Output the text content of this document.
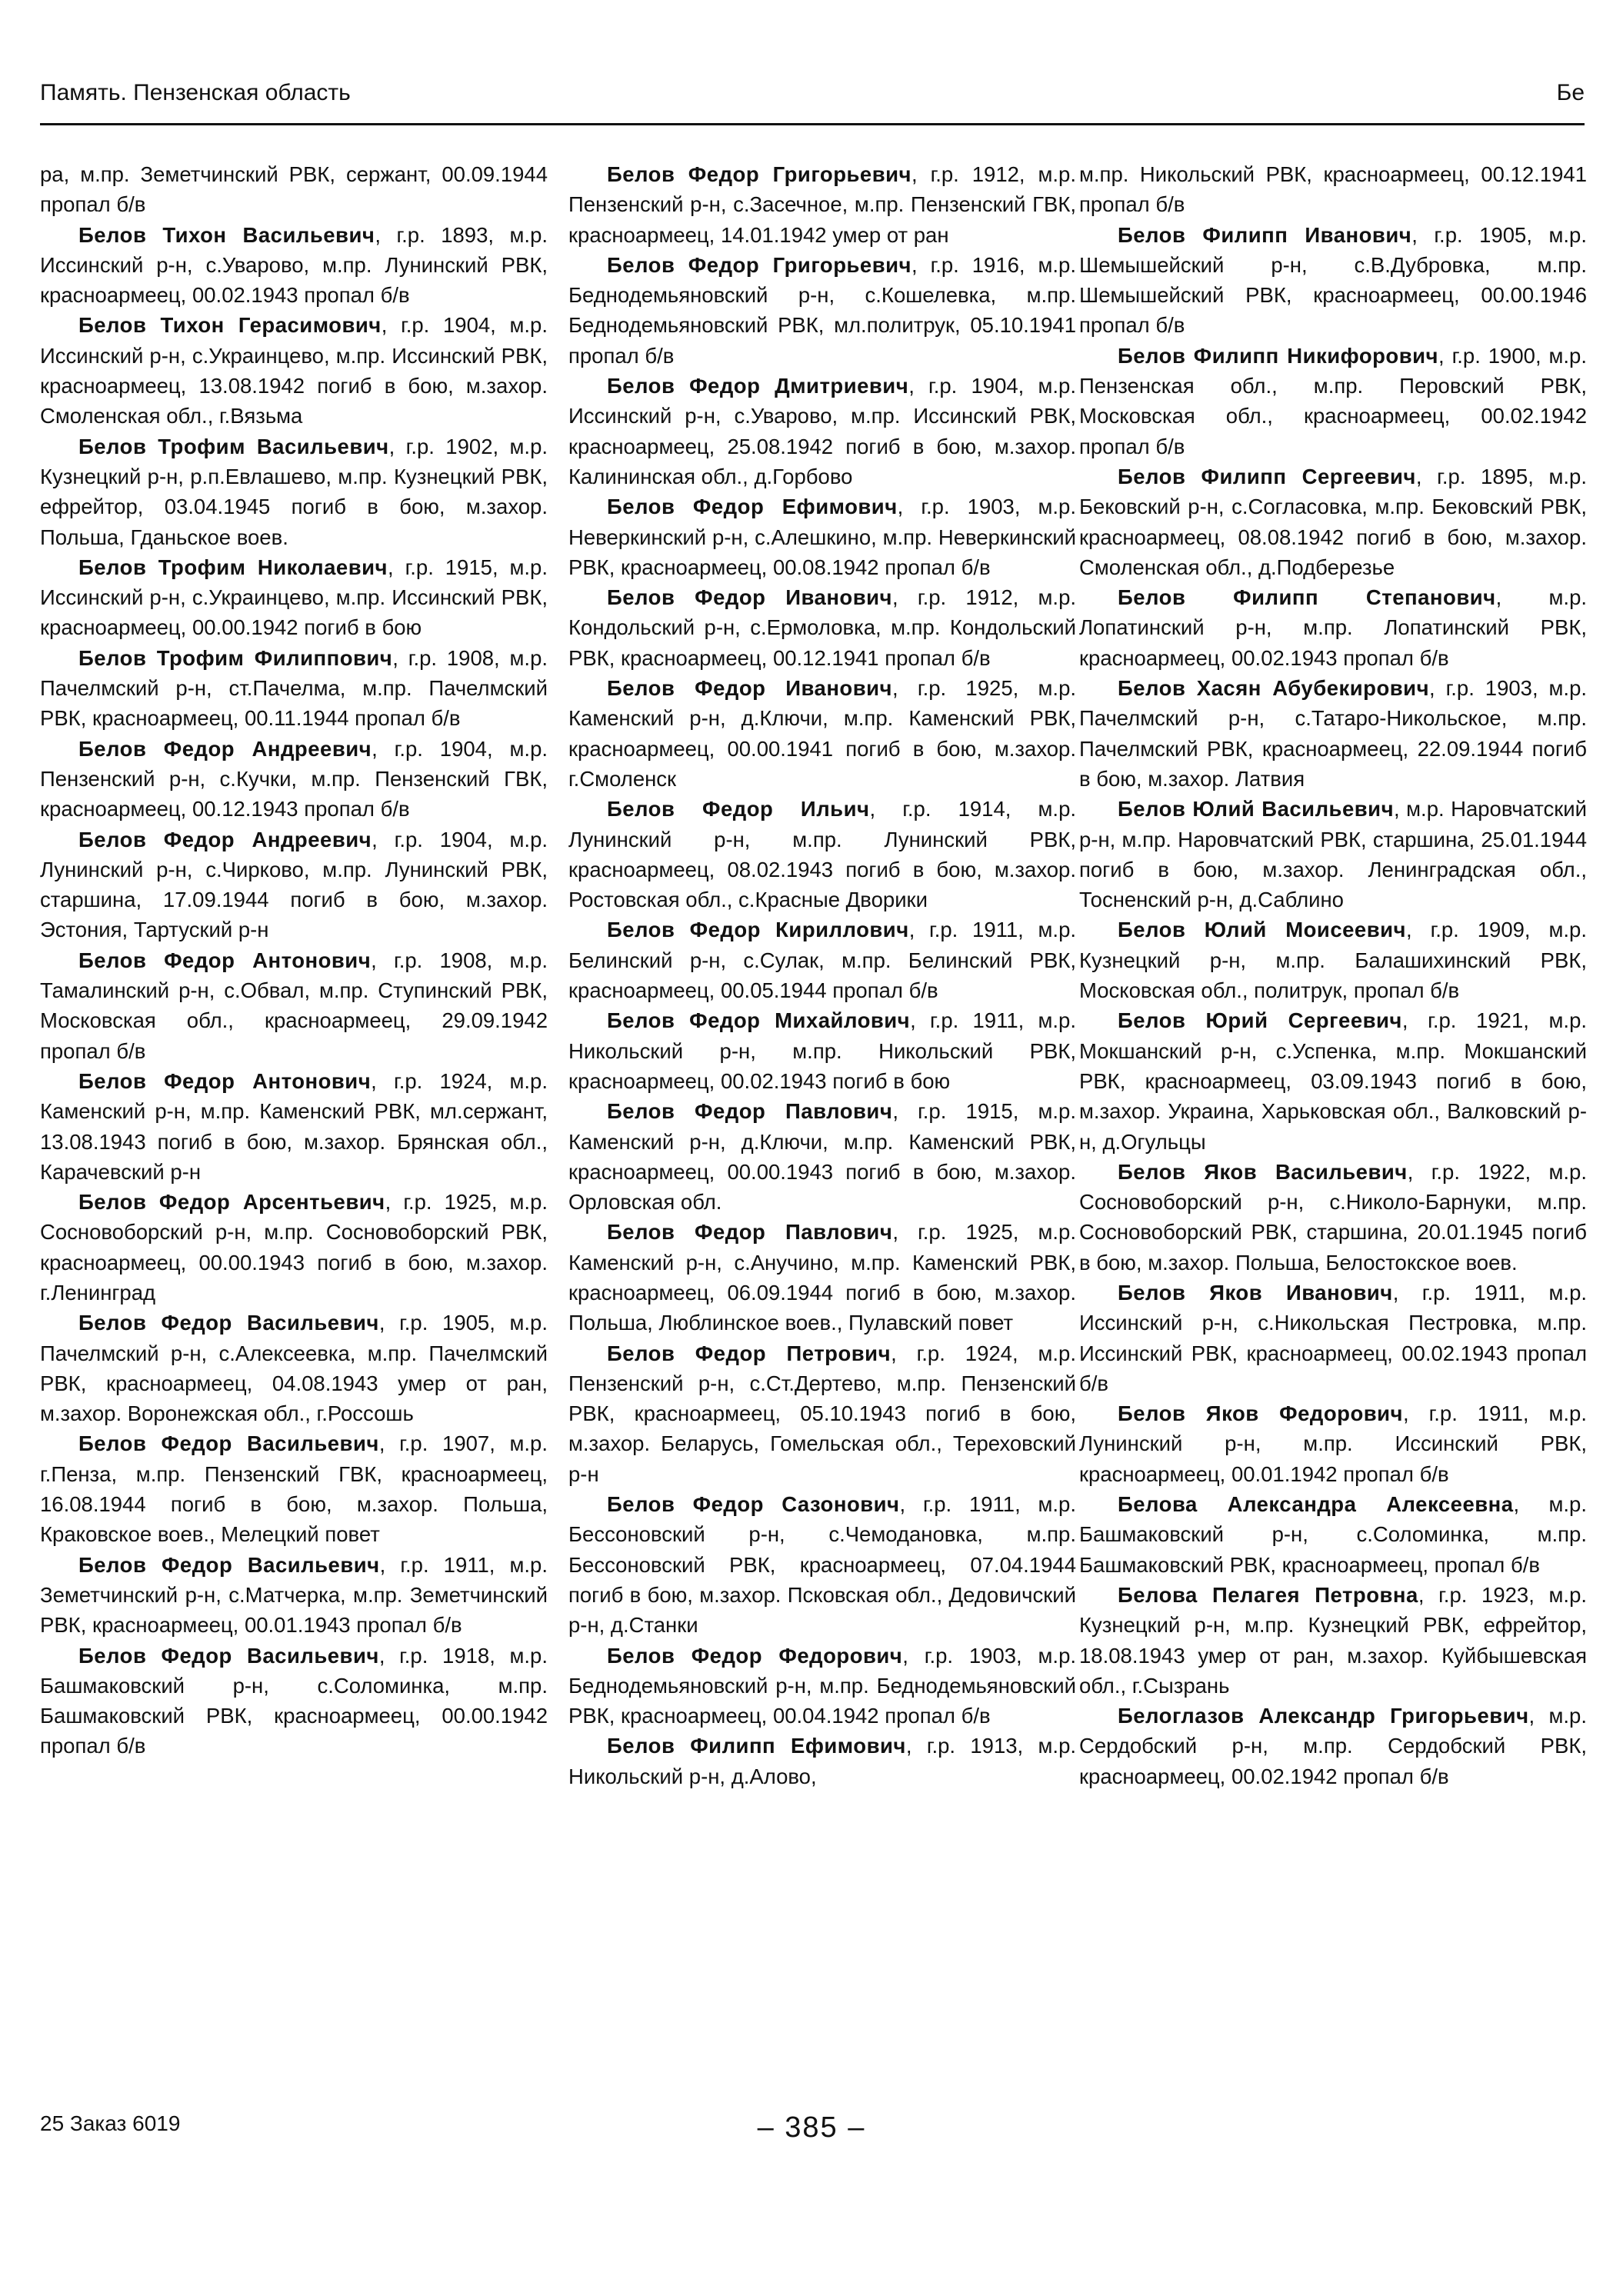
Память. Пензенская область	Бе

ра, м.пр. Земетчинский РВК, сержант, 00.09.1944 пропал б/в

Белов Тихон Васильевич, г.р. 1893, м.р. Иссинский р-н, с.Уварово, м.пр. Лунинский РВК, красноармеец, 00.02.1943 пропал б/в

Белов Тихон Герасимович, г.р. 1904, м.р. Иссинский р-н, с.Украинцево, м.пр. Иссинский РВК, красноармеец, 13.08.1942 погиб в бою, м.захор. Смоленская обл., г.Вязьма

Белов Трофим Васильевич, г.р. 1902, м.р. Кузнецкий р-н, р.п.Евлашево, м.пр. Кузнецкий РВК, ефрейтор, 03.04.1945 погиб в бою, м.захор. Польша, Гданьское воев.

Белов Трофим Николаевич, г.р. 1915, м.р. Иссинский р-н, с.Украинцево, м.пр. Иссинский РВК, красноармеец, 00.00.1942 погиб в бою

Белов Трофим Филиппович, г.р. 1908, м.р. Пачелмский р-н, ст.Пачелма, м.пр. Пачелмский РВК, красноармеец, 00.11.1944 пропал б/в

Белов Федор Андреевич, г.р. 1904, м.р. Пензенский р-н, с.Кучки, м.пр. Пензенский ГВК, красноармеец, 00.12.1943 пропал б/в

Белов Федор Андреевич, г.р. 1904, м.р. Лунинский р-н, с.Чирково, м.пр. Лунинский РВК, старшина, 17.09.1944 погиб в бою, м.захор. Эстония, Тартуский р-н

Белов Федор Антонович, г.р. 1908, м.р. Тамалинский р-н, с.Обвал, м.пр. Ступинский РВК, Московская обл., красноармеец, 29.09.1942 пропал б/в

Белов Федор Антонович, г.р. 1924, м.р. Каменский р-н, м.пр. Каменский РВК, мл.сержант, 13.08.1943 погиб в бою, м.захор. Брянская обл., Карачевский р-н

Белов Федор Арсентьевич, г.р. 1925, м.р. Сосновоборский р-н, м.пр. Сосновоборский РВК, красноармеец, 00.00.1943 погиб в бою, м.захор. г.Ленинград

Белов Федор Васильевич, г.р. 1905, м.р. Пачелмский р-н, с.Алексеевка, м.пр. Пачелмский РВК, красноармеец, 04.08.1943 умер от ран, м.захор. Воронежская обл., г.Россошь

Белов Федор Васильевич, г.р. 1907, м.р. г.Пенза, м.пр. Пензенский ГВК, красноармеец, 16.08.1944 погиб в бою, м.захор. Польша, Краковское воев., Мелецкий повет

Белов Федор Васильевич, г.р. 1911, м.р. Земетчинский р-н, с.Матчерка, м.пр. Земетчинский РВК, красноармеец, 00.01.1943 пропал б/в

Белов Федор Васильевич, г.р. 1918, м.р. Башмаковский р-н, с.Соломинка, м.пр. Башмаковский РВК, красноармеец, 00.00.1942 пропал б/в

Белов Федор Григорьевич, г.р. 1912, м.р. Пензенский р-н, с.Засечное, м.пр. Пензенский ГВК, красноармеец, 14.01.1942 умер от ран

Белов Федор Григорьевич, г.р. 1916, м.р. Беднодемьяновский р-н, с.Кошелевка, м.пр. Беднодемьяновский РВК, мл.политрук, 05.10.1941 пропал б/в

Белов Федор Дмитриевич, г.р. 1904, м.р. Иссинский р-н, с.Уварово, м.пр. Иссинский РВК, красноармеец, 25.08.1942 погиб в бою, м.захор. Калининская обл., д.Горбово

Белов Федор Ефимович, г.р. 1903, м.р. Неверкинский р-н, с.Алешкино, м.пр. Неверкинский РВК, красноармеец, 00.08.1942 пропал б/в

Белов Федор Иванович, г.р. 1912, м.р. Кондольский р-н, с.Ермоловка, м.пр. Кондольский РВК, красноармеец, 00.12.1941 пропал б/в

Белов Федор Иванович, г.р. 1925, м.р. Каменский р-н, д.Ключи, м.пр. Каменский РВК, красноармеец, 00.00.1941 погиб в бою, м.захор. г.Смоленск

Белов Федор Ильич, г.р. 1914, м.р. Лунинский р-н, м.пр. Лунинский РВК, красноармеец, 08.02.1943 погиб в бою, м.захор. Ростовская обл., с.Красные Дворики

Белов Федор Кириллович, г.р. 1911, м.р. Белинский р-н, с.Сулак, м.пр. Белинский РВК, красноармеец, 00.05.1944 пропал б/в

Белов Федор Михайлович, г.р. 1911, м.р. Никольский р-н, м.пр. Никольский РВК, красноармеец, 00.02.1943 погиб в бою

Белов Федор Павлович, г.р. 1915, м.р. Каменский р-н, д.Ключи, м.пр. Каменский РВК, красноармеец, 00.00.1943 погиб в бою, м.захор. Орловская обл.

Белов Федор Павлович, г.р. 1925, м.р. Каменский р-н, с.Анучино, м.пр. Каменский РВК, красноармеец, 06.09.1944 погиб в бою, м.захор. Польша, Люблинское воев., Пулавский повет

Белов Федор Петрович, г.р. 1924, м.р. Пензенский р-н, с.Ст.Дертево, м.пр. Пензенский РВК, красноармеец, 05.10.1943 погиб в бою, м.захор. Беларусь, Гомельская обл., Тереховский р-н

Белов Федор Сазонович, г.р. 1911, м.р. Бессоновский р-н, с.Чемодановка, м.пр. Бессоновский РВК, красноармеец, 07.04.1944 погиб в бою, м.захор. Псковская обл., Дедовичский р-н, д.Станки

Белов Федор Федорович, г.р. 1903, м.р. Беднодемьяновский р-н, м.пр. Беднодемьяновский РВК, красноармеец, 00.04.1942 пропал б/в

Белов Филипп Ефимович, г.р. 1913, м.р. Никольский р-н, д.Алово,

м.пр. Никольский РВК, красноармеец, 00.12.1941 пропал б/в

Белов Филипп Иванович, г.р. 1905, м.р. Шемышейский р-н, с.В.Дубровка, м.пр. Шемышейский РВК, красноармеец, 00.00.1946 пропал б/в

Белов Филипп Никифорович, г.р. 1900, м.р. Пензенская обл., м.пр. Перовский РВК, Московская обл., красноармеец, 00.02.1942 пропал б/в

Белов Филипп Сергеевич, г.р. 1895, м.р. Бековский р-н, с.Согласовка, м.пр. Бековский РВК, красноармеец, 08.08.1942 погиб в бою, м.захор. Смоленская обл., д.Подберезье

Белов Филипп Степанович, м.р. Лопатинский р-н, м.пр. Лопатинский РВК, красноармеец, 00.02.1943 пропал б/в

Белов Хасян Абубекирович, г.р. 1903, м.р. Пачелмский р-н, с.Татаро-Никольское, м.пр. Пачелмский РВК, красноармеец, 22.09.1944 погиб в бою, м.захор. Латвия

Белов Юлий Васильевич, м.р. Наровчатский р-н, м.пр. Наровчатский РВК, старшина, 25.01.1944 погиб в бою, м.захор. Ленинградская обл., Тосненский р-н, д.Саблино

Белов Юлий Моисеевич, г.р. 1909, м.р. Кузнецкий р-н, м.пр. Балашихинский РВК, Московская обл., политрук, пропал б/в

Белов Юрий Сергеевич, г.р. 1921, м.р. Мокшанский р-н, с.Успенка, м.пр. Мокшанский РВК, красноармеец, 03.09.1943 погиб в бою, м.захор. Украина, Харьковская обл., Валковский р-н, д.Огульцы

Белов Яков Васильевич, г.р. 1922, м.р. Сосновоборский р-н, с.Николо-Барнуки, м.пр. Сосновоборский РВК, старшина, 20.01.1945 погиб в бою, м.захор. Польша, Белостокское воев.

Белов Яков Иванович, г.р. 1911, м.р. Иссинский р-н, с.Никольская Пестровка, м.пр. Иссинский РВК, красноармеец, 00.02.1943 пропал б/в

Белов Яков Федорович, г.р. 1911, м.р. Лунинский р-н, м.пр. Иссинский РВК, красноармеец, 00.01.1942 пропал б/в

Белова Александра Алексеевна, м.р. Башмаковский р-н, с.Соломинка, м.пр. Башмаковский РВК, красноармеец, пропал б/в

Белова Пелагея Петровна, г.р. 1923, м.р. Кузнецкий р-н, м.пр. Кузнецкий РВК, ефрейтор, 18.08.1943 умер от ран, м.захор. Куйбышевская обл., г.Сызрань

Белоглазов Александр Григорьевич, м.р. Сердобский р-н, м.пр. Сердобский РВК, красноармеец, 00.02.1942 пропал б/в

25 Заказ 6019	– 385 –
